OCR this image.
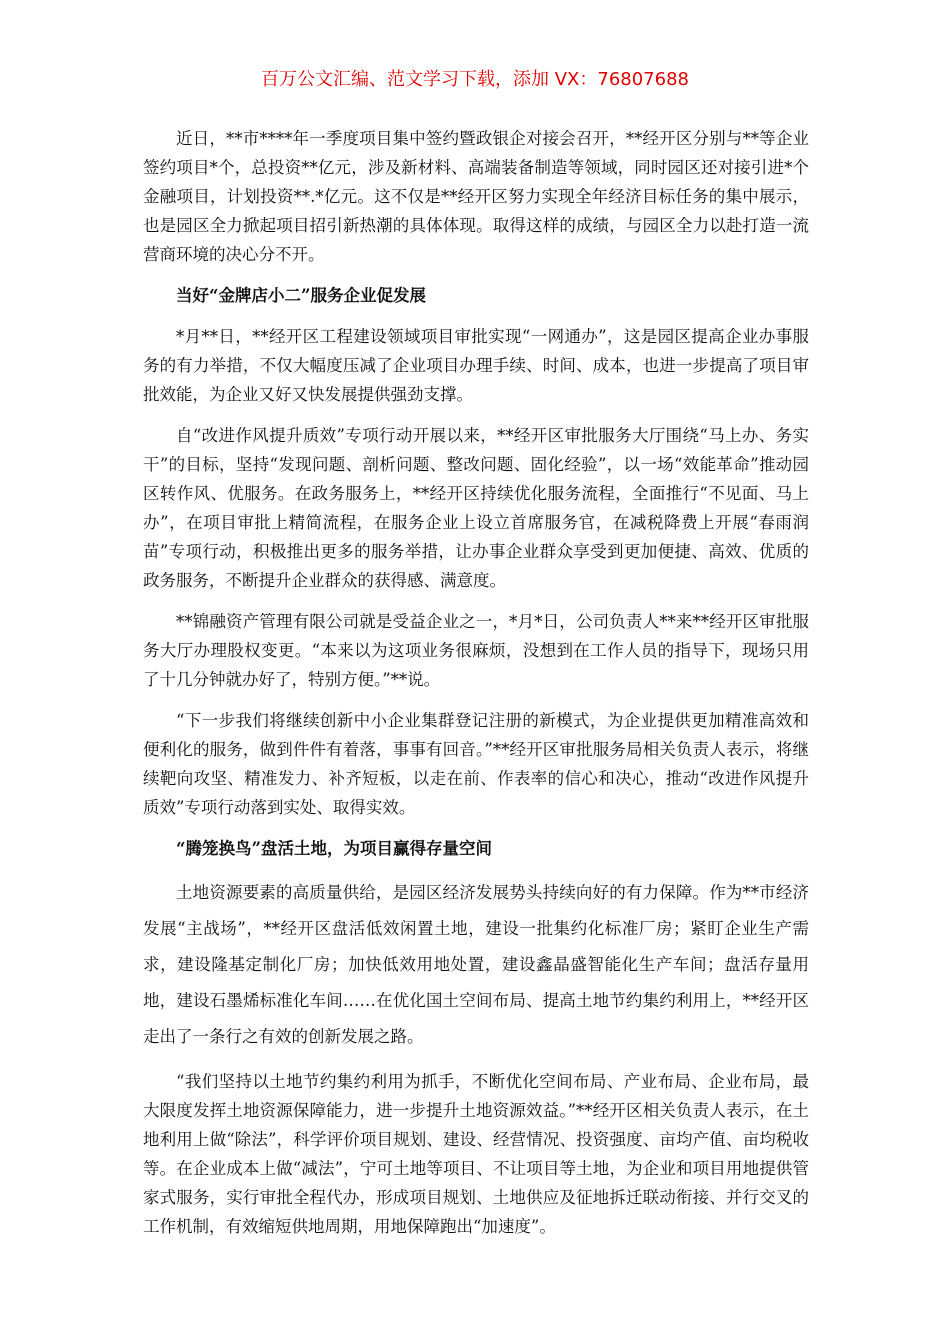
百万公文汇编、范文学习下载，添加 VX：76807688

近日，**市****年一季度项目集中签约暨政银企对接会召开，**经开区分别与**等企业签约项目*个，总投资**亿元，涉及新材料、高端装备制造等领域，同时园区还对接引进*个金融项目，计划投资**.*亿元。这不仅是**经开区努力实现全年经济目标任务的集中展示，也是园区全力掀起项目招引新热潮的具体体现。取得这样的成绩，与园区全力以赴打造一流营商环境的决心分不开。

当好“金牌店小二”服务企业促发展

*月**日，**经开区工程建设领域项目审批实现“一网通办”，这是园区提高企业办事服务的有力举措，不仅大幅度压减了企业项目办理手续、时间、成本，也进一步提高了项目审批效能，为企业又好又快发展提供强劲支撑。

自“改进作风提升质效”专项行动开展以来，**经开区审批服务大厅围绕“马上办、务实干”的目标，坚持“发现问题、剖析问题、整改问题、固化经验”，以一场“效能革命”推动园区转作风、优服务。在政务服务上，**经开区持续优化服务流程，全面推行“不见面、马上办”，在项目审批上精简流程，在服务企业上设立首席服务官，在减税降费上开展“春雨润苗”专项行动，积极推出更多的服务举措，让办事企业群众享受到更加便捷、高效、优质的政务服务，不断提升企业群众的获得感、满意度。

**锦融资产管理有限公司就是受益企业之一，*月*日，公司负责人**来**经开区审批服务大厅办理股权变更。“本来以为这项业务很麻烦，没想到在工作人员的指导下，现场只用了十几分钟就办好了，特别方便。”**说。

“下一步我们将继续创新中小企业集群登记注册的新模式，为企业提供更加精准高效和便利化的服务，做到件件有着落，事事有回音。”**经开区审批服务局相关负责人表示，将继续靶向攻坚、精准发力、补齐短板，以走在前、作表率的信心和决心，推动“改进作风提升质效”专项行动落到实处、取得实效。

“腾笼换鸟”盘活土地，为项目赢得存量空间

土地资源要素的高质量供给，是园区经济发展势头持续向好的有力保障。作为**市经济发展“主战场”，**经开区盘活低效闲置土地，建设一批集约化标准厂房；紧盯企业生产需求，建设隆基定制化厂房；加快低效用地处置，建设鑫晶盛智能化生产车间；盘活存量用地，建设石墨烯标准化车间……在优化国土空间布局、提高土地节约集约利用上，**经开区走出了一条行之有效的创新发展之路。

“我们坚持以土地节约集约利用为抓手，不断优化空间布局、产业布局、企业布局，最大限度发挥土地资源保障能力，进一步提升土地资源效益。”**经开区相关负责人表示，在土地利用上做“除法”，科学评价项目规划、建设、经营情况、投资强度、亩均产值、亩均税收等。在企业成本上做“减法”，宁可土地等项目、不让项目等土地，为企业和项目用地提供管家式服务，实行审批全程代办，形成项目规划、土地供应及征地拆迁联动衔接、并行交叉的工作机制，有效缩短供地周期，用地保障跑出“加速度”。
